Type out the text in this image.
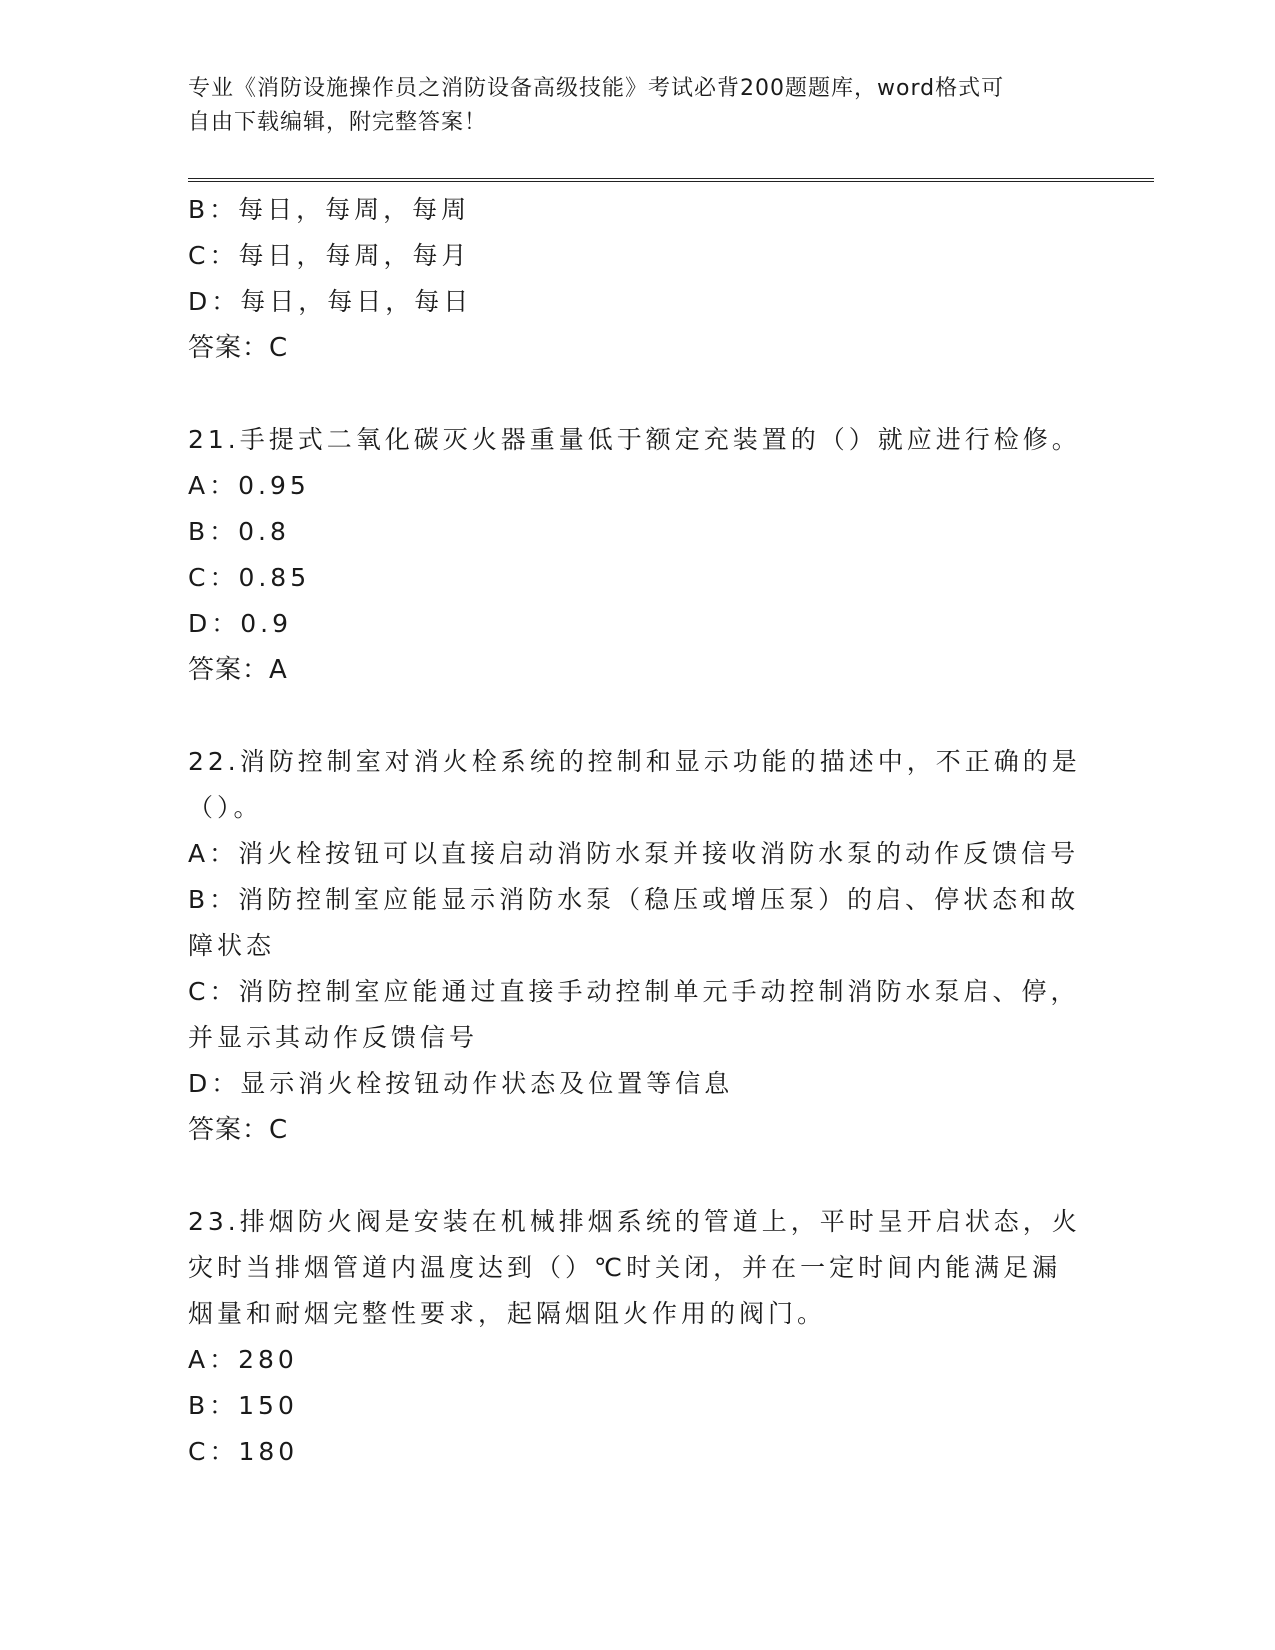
专业《消防设施操作员之消防设备高级技能》考试必背200题题库，word格式可
自由下载编辑，附完整答案！

B：每日，每周，每周

C：每日，每周，每月

D：每日，每日，每日

答案：C

21.手提式二氧化碳灭火器重量低于额定充装置的（）就应进行检修。

A：0.95

B：0.8

C：0.85

D：0.9

答案：A

22.消防控制室对消火栓系统的控制和显示功能的描述中，不正确的是

（）。

A：消火栓按钮可以直接启动消防水泵并接收消防水泵的动作反馈信号

B：消防控制室应能显示消防水泵（稳压或增压泵）的启、停状态和故

障状态

C：消防控制室应能通过直接手动控制单元手动控制消防水泵启、停，

并显示其动作反馈信号

D：显示消火栓按钮动作状态及位置等信息

答案：C

23.排烟防火阀是安装在机械排烟系统的管道上，平时呈开启状态，火

灾时当排烟管道内温度达到（）℃时关闭，并在一定时间内能满足漏

烟量和耐烟完整性要求，起隔烟阻火作用的阀门。

A：280

B：150

C：180
